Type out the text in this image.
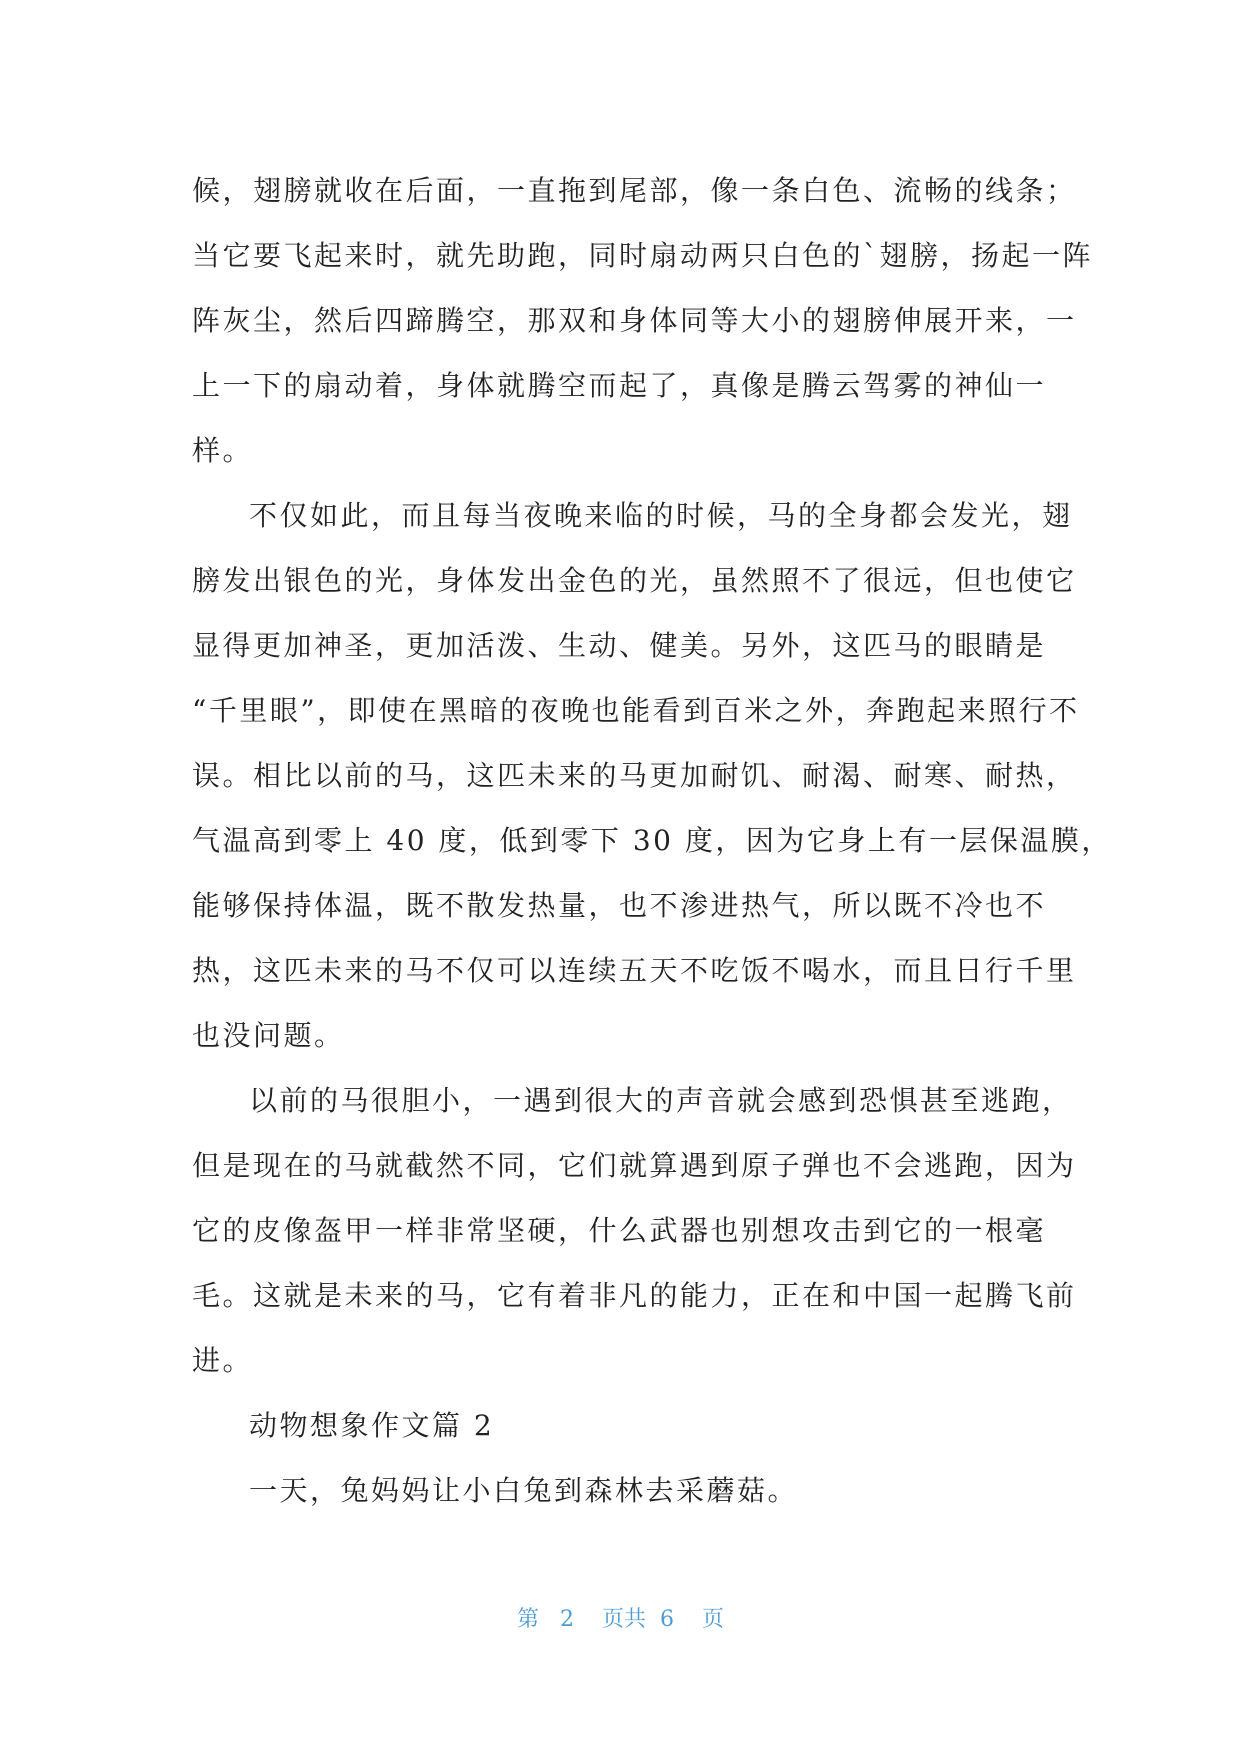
候，翅膀就收在后面，一直拖到尾部，像一条白色、流畅的线条；
当它要飞起来时，就先助跑，同时扇动两只白色的`翅膀，扬起一阵
阵灰尘，然后四蹄腾空，那双和身体同等大小的翅膀伸展开来，一
上一下的扇动着，身体就腾空而起了，真像是腾云驾雾的神仙一
样。
不仅如此，而且每当夜晚来临的时候，马的全身都会发光，翅
膀发出银色的光，身体发出金色的光，虽然照不了很远，但也使它
显得更加神圣，更加活泼、生动、健美。另外，这匹马的眼睛是
“千里眼”，即使在黑暗的夜晚也能看到百米之外，奔跑起来照行不
误。相比以前的马，这匹未来的马更加耐饥、耐渴、耐寒、耐热，
气温高到零上 40 度，低到零下 30 度，因为它身上有一层保温膜，
能够保持体温，既不散发热量，也不渗进热气，所以既不冷也不
热，这匹未来的马不仅可以连续五天不吃饭不喝水，而且日行千里
也没问题。
以前的马很胆小，一遇到很大的声音就会感到恐惧甚至逃跑，
但是现在的马就截然不同，它们就算遇到原子弹也不会逃跑，因为
它的皮像盔甲一样非常坚硬，什么武器也别想攻击到它的一根毫
毛。这就是未来的马，它有着非凡的能力，正在和中国一起腾飞前
进。
动物想象作文篇 2
一天，兔妈妈让小白兔到森林去采蘑菇。
第 2 页共 6 页
